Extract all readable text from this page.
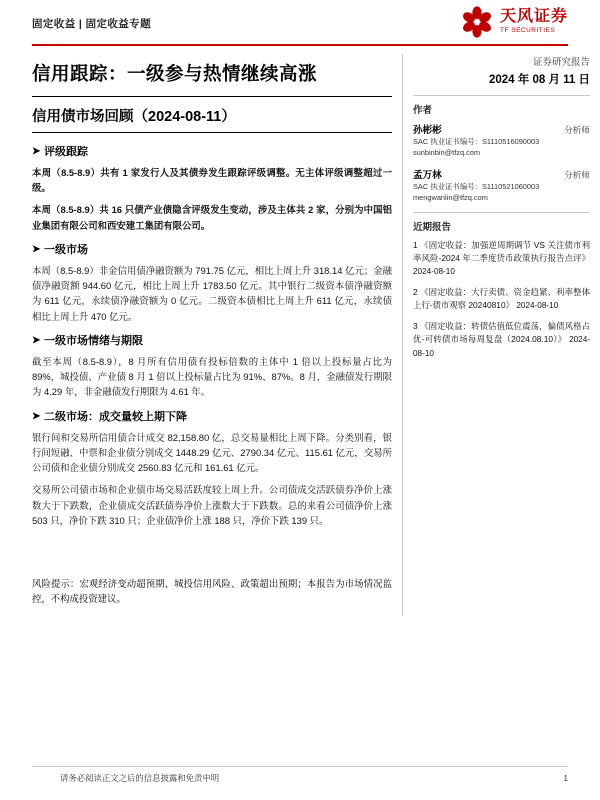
固定收益 | 固定收益专题	天风证券
TF SECURITIES
信用跟踪：一级参与热情继续高涨
信用债市场回顾（2024-08-11）
➤ 评级跟踪

本周（8.5-8.9）共有 1 家发行人及其债券发生跟踪评级调整。无主体评级调整超过一级。

本周（8.5-8.9）共 16 只债产业债隐含评级发生变动，涉及主体共 2 家，分别为中国铝业集团有限公司和西安建工集团有限公司。

➤ 一级市场

本周（8.5-8.9）非金信用债净融资额为 791.75 亿元，相比上周上升 318.14 亿元；金融债净融资额 944.60 亿元，相比上周上升 1783.50 亿元。其中银行二级资本债净融资额为 611 亿元，永续债净融资额为 0 亿元。二级资本债相比上周上升 611 亿元，永续债相比上周上升 470 亿元。

➤ 一级市场情绪与期限

截至本周（8.5-8.9），8 月所有信用债有投标倍数的主体中 1 倍以上投标量占比为 89%，城投债、产业债 8 月 1 倍以上投标量占比为 91%、87%。8 月，金融债发行期限为 4.29 年，非金融债发行期限为 4.61 年。

➤ 二级市场：成交量较上期下降

银行间和交易所信用债合计成交 82,158.80 亿，总交易量相比上周下降。分类别看，银行间短融、中票和企业债分别成交 1448.29 亿元、2790.34 亿元、115.61 亿元，交易所公司债和企业债分别成交 2560.83 亿元和 161.61 亿元。

交易所公司债市场和企业债市场交易活跃度较上周上升。公司债成交活跃债券净价上涨数大于下跌数，企业债成交活跃债券净价上涨数大于下跌数。总的来看公司债净价上涨 503 只，净价下跌 310 只；企业债净价上涨 188 只，净价下跌 139 只。

风险提示：宏观经济变动超预期、城投信用风险、政策超出预期；本报告为市场情况监控，不构成投资建议。

证券研究报告
2024 年 08 月 11 日
作者
孙彬彬	分析师
SAC 执业证书编号：S1110516090003
sunbinbin@tfzq.com
孟万林	分析师
SAC 执业证书编号：S1110521060003
mengwanlin@tfzq.com
近期报告
1 《固定收益：加强逆周期调节 VS 关注债市利率风险-2024 年二季度货币政策执行报告点评》 2024-08-10
2 《固定收益：大行卖债、资金趋紧、利率整体上行-债市观察 20240810》 2024-08-10
3 《固定收益：转债估值低位震荡，偏债风格占优-可转债市场每周复盘（2024.08.10）》 2024-08-10
请务必阅读正文之后的信息披露和免责申明	1
